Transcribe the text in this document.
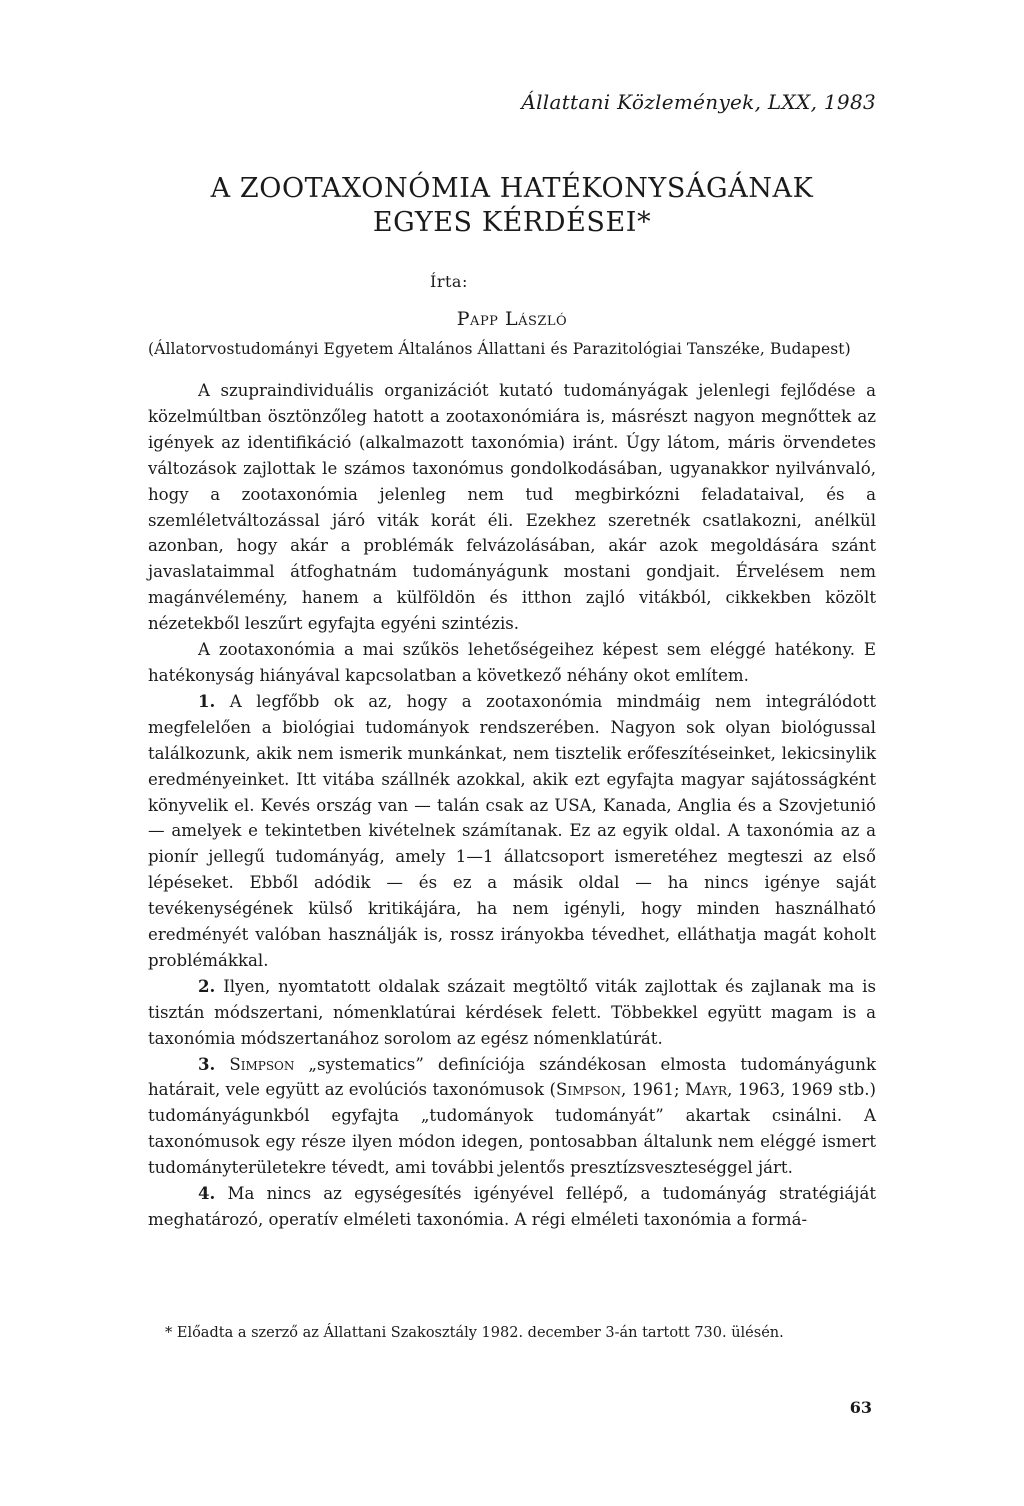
Állattani Közlemények, LXX, 1983
A ZOOTAXONÓMIA HATÉKONYSÁGÁNAK
EGYES KÉRDÉSEI*
Írta:
Papp László
(Állatorvostudományi Egyetem Általános Állattani és Parazitológiai Tanszéke, Budapest)

A szupraindividuális organizációt kutató tudományágak jelenlegi fejlődése a közelmúltban ösztönzőleg hatott a zootaxonómiára is, másrészt nagyon megnőttek az igények az identifikáció (alkalmazott taxonómia) iránt. Úgy látom, máris örvendetes változások zajlottak le számos taxonómus gondolkodásában, ugyanakkor nyilvánvaló, hogy a zootaxonómia jelenleg nem tud megbirkózni feladataival, és a szemléletváltozással járó viták korát éli. Ezekhez szeretnék csatlakozni, anélkül azonban, hogy akár a problémák felvázolásában, akár azok megoldására szánt javaslataimmal átfoghatnám tudományágunk mostani gondjait. Érvelésem nem magánvélemény, hanem a külföldön és itthon zajló vitákból, cikkekben közölt nézetekből leszűrt egyfajta egyéni szintézis.

A zootaxonómia a mai szűkös lehetőségeihez képest sem eléggé hatékony. E hatékonyság hiányával kapcsolatban a következő néhány okot említem.

1. A legfőbb ok az, hogy a zootaxonómia mindmáig nem integrálódott megfelelően a biológiai tudományok rendszerében. Nagyon sok olyan biológussal találkozunk, akik nem ismerik munkánkat, nem tisztelik erőfeszítéseinket, lekicsinylik eredményeinket. Itt vitába szállnék azokkal, akik ezt egyfajta magyar sajátosságként könyvelik el. Kevés ország van — talán csak az USA, Kanada, Anglia és a Szovjetunió — amelyek e tekintetben kivételnek számítanak. Ez az egyik oldal. A taxonómia az a pionír jellegű tudományág, amely 1—1 állatcsoport ismeretéhez megteszi az első lépéseket. Ebből adódik — és ez a másik oldal — ha nincs igénye saját tevékenységének külső kritikájára, ha nem igényli, hogy minden használható eredményét valóban használják is, rossz irányokba tévedhet, elláthatja magát koholt problémákkal.

2. Ilyen, nyomtatott oldalak százait megtöltő viták zajlottak és zajlanak ma is tisztán módszertani, nómenklatúrai kérdések felett. Többekkel együtt magam is a taxonómia módszertanához sorolom az egész nómenklatúrát.

3. Simpson „systematics” definíciója szándékosan elmosta tudományágunk határait, vele együtt az evolúciós taxonómusok (Simpson, 1961; Mayr, 1963, 1969 stb.) tudományágunkból egyfajta „tudományok tudományát” akartak csinálni. A taxonómusok egy része ilyen módon idegen, pontosabban általunk nem eléggé ismert tudományterületekre tévedt, ami további jelentős presztízsveszteséggel járt.

4. Ma nincs az egységesítés igényével fellépő, a tudományág stratégiáját meghatározó, operatív elméleti taxonómia. A régi elméleti taxonómia a formá-

* Előadta a szerző az Állattani Szakosztály 1982. december 3-án tartott 730. ülésén.
63
